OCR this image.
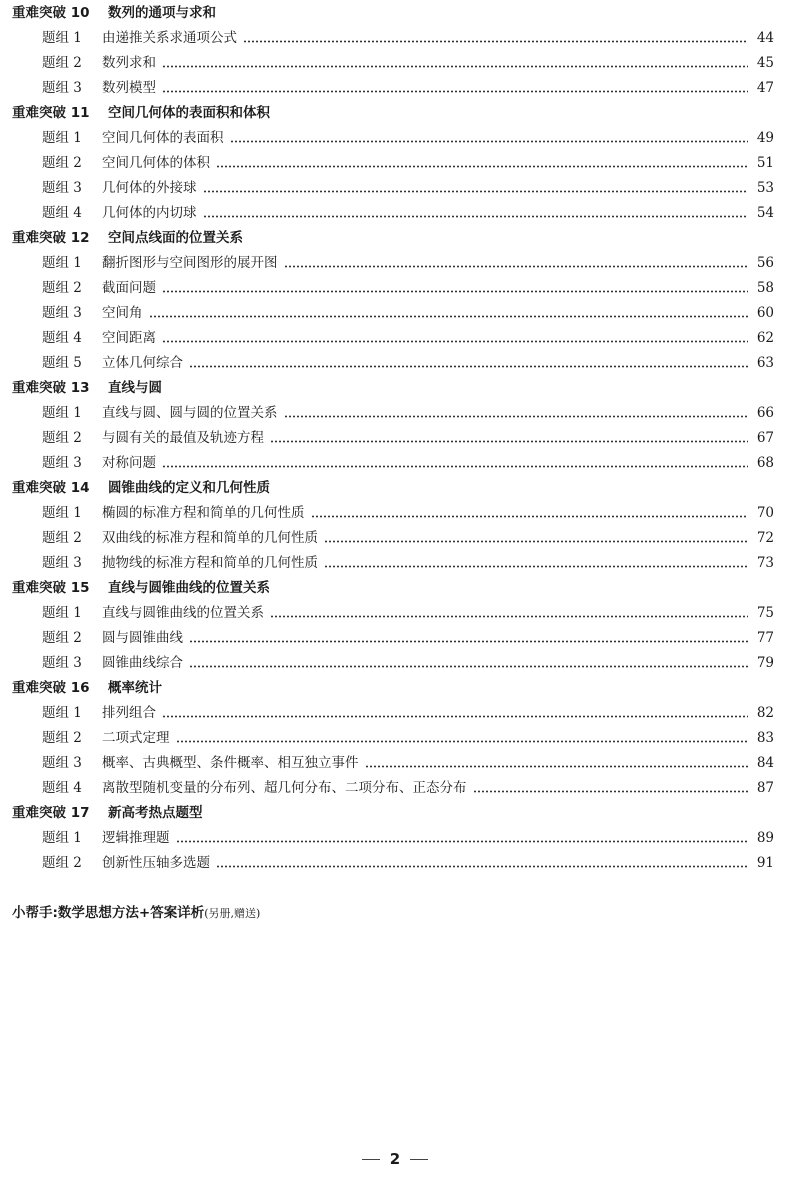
重难突破 10 数列的通项与求和
题组 1	由递推关系求通项公式	44
题组 2	数列求和	45
题组 3	数列模型	47
重难突破 11 空间几何体的表面积和体积
题组 1	空间几何体的表面积	49
题组 2	空间几何体的体积	51
题组 3	几何体的外接球	53
题组 4	几何体的内切球	54
重难突破 12 空间点线面的位置关系
题组 1	翻折图形与空间图形的展开图	56
题组 2	截面问题	58
题组 3	空间角	60
题组 4	空间距离	62
题组 5	立体几何综合	63
重难突破 13 直线与圆
题组 1	直线与圆、圆与圆的位置关系	66
题组 2	与圆有关的最值及轨迹方程	67
题组 3	对称问题	68
重难突破 14 圆锥曲线的定义和几何性质
题组 1	椭圆的标准方程和简单的几何性质	70
题组 2	双曲线的标准方程和简单的几何性质	72
题组 3	抛物线的标准方程和简单的几何性质	73
重难突破 15 直线与圆锥曲线的位置关系
题组 1	直线与圆锥曲线的位置关系	75
题组 2	圆与圆锥曲线	77
题组 3	圆锥曲线综合	79
重难突破 16 概率统计
题组 1	排列组合	82
题组 2	二项式定理	83
题组 3	概率、古典概型、条件概率、相互独立事件	84
题组 4	离散型随机变量的分布列、超几何分布、二项分布、正态分布	87
重难突破 17 新高考热点题型
题组 1	逻辑推理题	89
题组 2	创新性压轴多选题	91
小帮手:数学思想方法+答案详析(另册,赠送)
2
